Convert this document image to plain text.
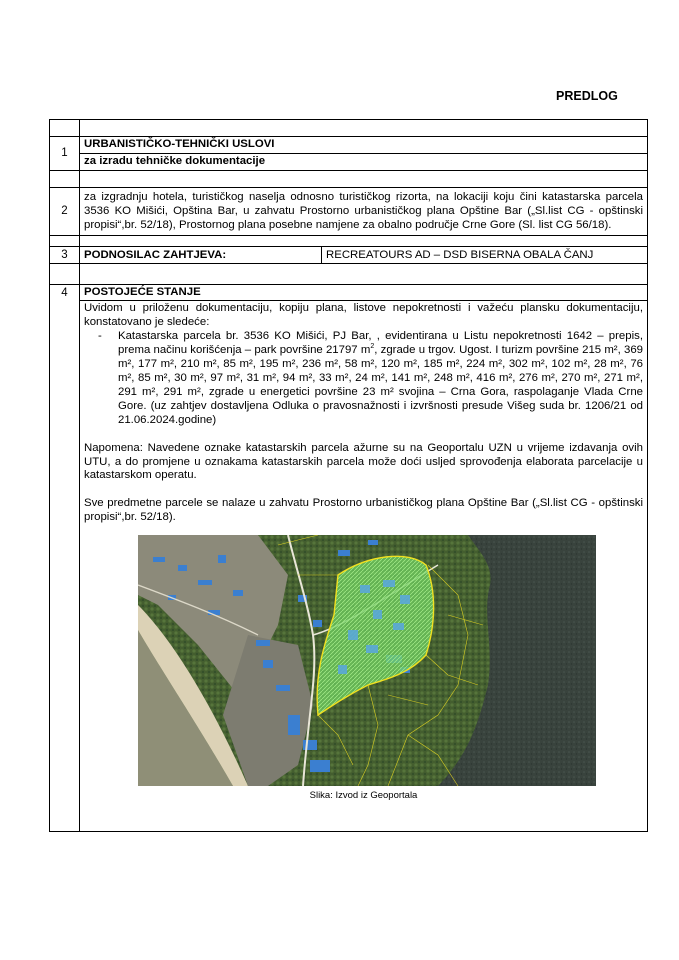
PREDLOG
1
URBANISTIČKO-TEHNIČKI USLOVI
za izradu tehničke dokumentacije
2
za izgradnju hotela, turističkog naselja odnosno turističkog rizorta, na lokaciji koju čini katastarska parcela 3536 KO Mišići, Opština Bar, u zahvatu Prostorno urbanističkog plana Opštine Bar („Sl.list CG - opštinski propisi“,br. 52/18), Prostornog plana posebne namjene za obalno područje Crne Gore (Sl. list CG 56/18).
3	PODNOSILAC ZAHTJEVA:	RECREATOURS AD – DSD BISERNA OBALA ČANJ
4	POSTOJEĆE STANJE

Uvidom u priloženu dokumentaciju, kopiju plana, listove nepokretnosti i važeću plansku dokumentaciju, konstatovano je sledeće:

-	Katastarska parcela br. 3536 KO Mišići, PJ Bar, , evidentirana u Listu nepokretnosti 1642 – prepis, prema načinu korišćenja – park površine 21797 $m^2$, zgrade u trgov. Ugost. I turizm površine 215 m², 369 m², 177 m², 210 m², 85 m², 195 m², 236 m², 58 m², 120 m², 185 m², 224 m², 302 m², 102 m², 28 m², 76 m², 85 m², 30 m², 97 m², 31 m², 94 m², 33 m², 24 m², 141 m², 248 m², 416 m², 276 m², 270 m², 271 m², 291 m², 291 m², zgrade u energetici površine 23 m² svojina – Crna Gora, raspolaganje Vlada Crne Gore. (uz zahtjev dostavljena Odluka o pravosnažnosti i izvršnosti presude Višeg suda br. 1206/21 od 21.06.2024.godine)

Napomena: Navedene oznake katastarskih parcela ažurne su na Geoportalu UZN u vrijeme izdavanja ovih UTU, a do promjene u oznakama katastarskih parcela može doći usljed sprovođenja elaborata parcelacije u katastarskom operatu.

Sve predmetne parcele se nalaze u zahvatu Prostorno urbanističkog plana Opštine Bar („Sl.list CG - opštinski propisi“,br. 52/18).

Slika: Izvod iz Geoportala
